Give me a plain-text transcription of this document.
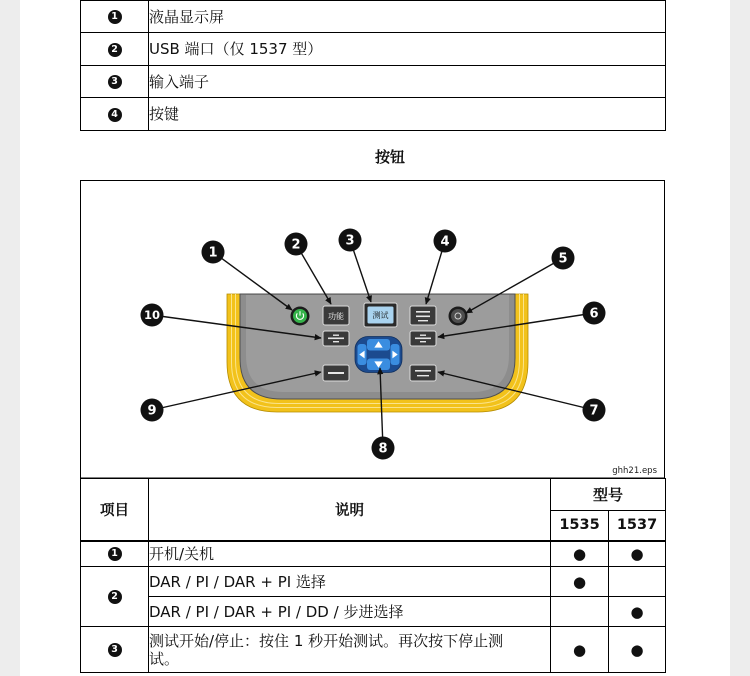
1	液晶显示屏
2	USB 端口（仅 1537 型）
3	输入端子
4	按键
按钮
功能	测试
1
2	3	4
5
6
7
8
9
10
ghh21.eps
项目	说明	型号	
		1535	1537
1	开机/关机	●	●
2	DAR / PI / DAR + PI 选择	●	
	DAR / PI / DAR + PI / DD / 步进选择		●
3	测试开始/停止：按住 1 秒开始测试。再次按下停止测试。	●	●
